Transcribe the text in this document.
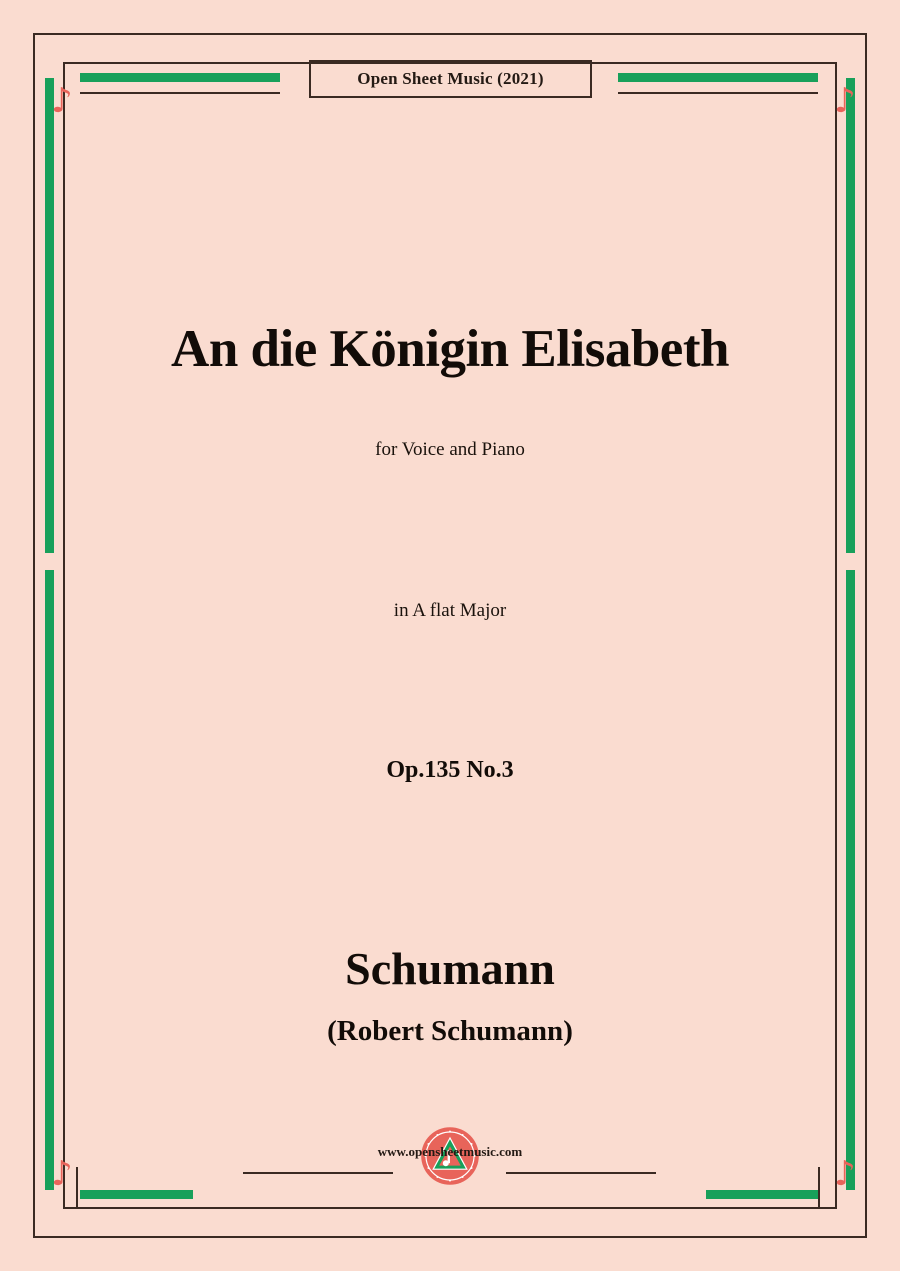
Open Sheet Music (2021)
♪	♪
♪	♪
An die Königin Elisabeth
for Voice and Piano
in A flat Major
Op.135 No.3
Schumann
(Robert Schumann)
www.opensheetmusic.com
